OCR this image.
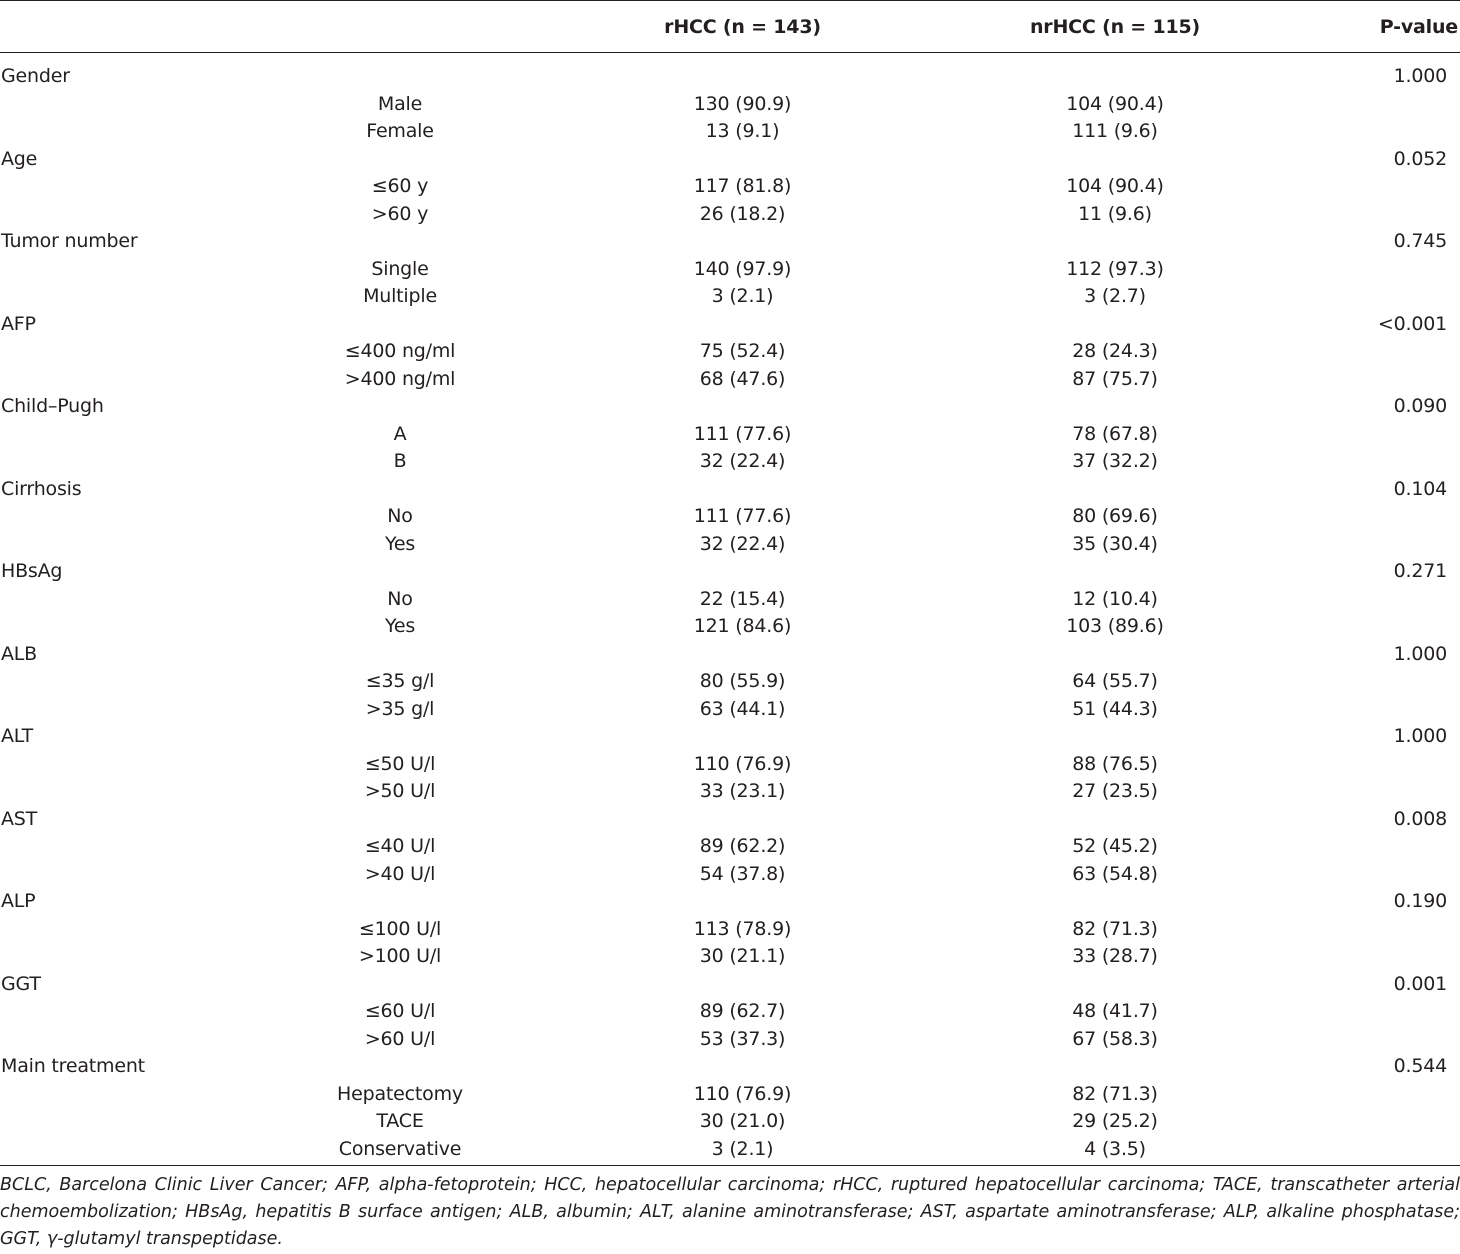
		rHCC (n = 143)	nrHCC (n = 115)	P-value
Gender				1.000
	Male	130 (90.9)	104 (90.4)	
	Female	13 (9.1)	111 (9.6)	
Age				0.052
	≤60 y	117 (81.8)	104 (90.4)	
	>60 y	26 (18.2)	11 (9.6)	
Tumor number				0.745
	Single	140 (97.9)	112 (97.3)	
	Multiple	3 (2.1)	3 (2.7)	
AFP				<0.001
	≤400 ng/ml	75 (52.4)	28 (24.3)	
	>400 ng/ml	68 (47.6)	87 (75.7)	
Child–Pugh				0.090
	A	111 (77.6)	78 (67.8)	
	B	32 (22.4)	37 (32.2)	
Cirrhosis				0.104
	No	111 (77.6)	80 (69.6)	
	Yes	32 (22.4)	35 (30.4)	
HBsAg				0.271
	No	22 (15.4)	12 (10.4)	
	Yes	121 (84.6)	103 (89.6)	
ALB				1.000
	≤35 g/l	80 (55.9)	64 (55.7)	
	>35 g/l	63 (44.1)	51 (44.3)	
ALT				1.000
	≤50 U/l	110 (76.9)	88 (76.5)	
	>50 U/l	33 (23.1)	27 (23.5)	
AST				0.008
	≤40 U/l	89 (62.2)	52 (45.2)	
	>40 U/l	54 (37.8)	63 (54.8)	
ALP				0.190
	≤100 U/l	113 (78.9)	82 (71.3)	
	>100 U/l	30 (21.1)	33 (28.7)	
GGT				0.001
	≤60 U/l	89 (62.7)	48 (41.7)	
	>60 U/l	53 (37.3)	67 (58.3)	
Main treatment				0.544
	Hepatectomy	110 (76.9)	82 (71.3)	
	TACE	30 (21.0)	29 (25.2)	
	Conservative	3 (2.1)	4 (3.5)	

BCLC, Barcelona Clinic Liver Cancer; AFP, alpha-fetoprotein; HCC, hepatocellular carcinoma; rHCC, ruptured hepatocellular carcinoma; TACE, transcatheter arterial chemoembolization; HBsAg, hepatitis B surface antigen; ALB, albumin; ALT, alanine aminotransferase; AST, aspartate aminotransferase; ALP, alkaline phosphatase; GGT, γ-glutamyl transpeptidase.
